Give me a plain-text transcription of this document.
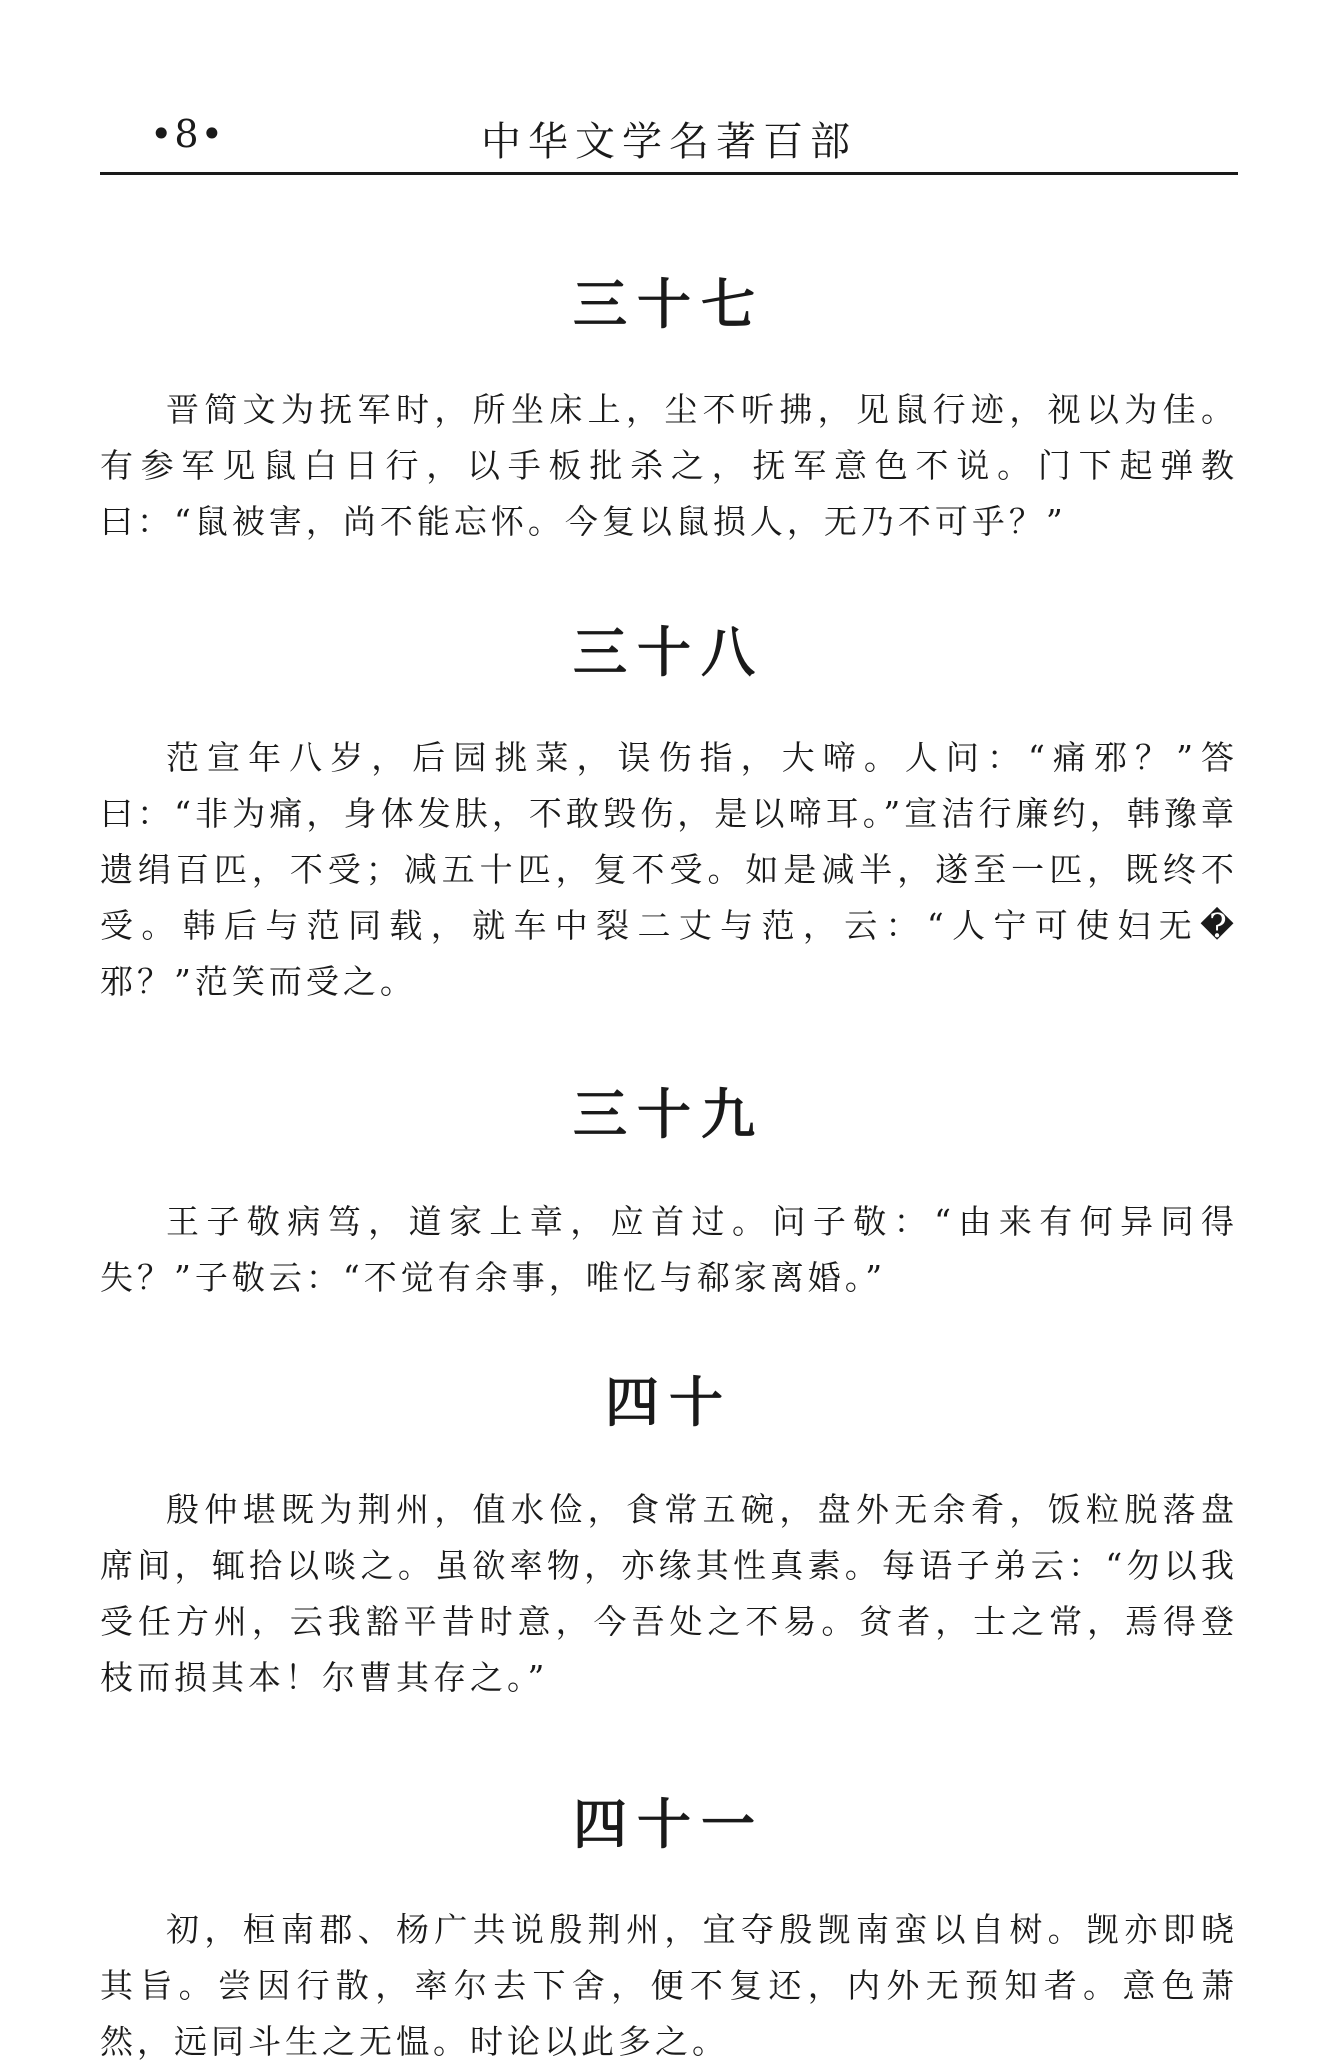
•8•	中华文学名著百部
三十七

晋简文为抚军时，所坐床上，尘不听拂，见鼠行迹，视以为佳。有参军见鼠白日行，以手板批杀之，抚军意色不说。门下起弹教曰：“鼠被害，尚不能忘怀。今复以鼠损人，无乃不可乎？”

三十八

范宣年八岁，后园挑菜，误伤指，大啼。人问：“痛邪？”答曰：“非为痛，身体发肤，不敢毁伤，是以啼耳。”宣洁行廉约，韩豫章遗绢百匹，不受；减五十匹，复不受。如是减半，遂至一匹，既终不受。韩后与范同载，就车中裂二丈与范，云：“人宁可使妇无�邪？”范笑而受之。

三十九

王子敬病笃，道家上章，应首过。问子敬：“由来有何异同得失？”子敬云：“不觉有余事，唯忆与郗家离婚。”

四十

殷仲堪既为荆州，值水俭，食常五碗，盘外无余肴，饭粒脱落盘席间，辄拾以啖之。虽欲率物，亦缘其性真素。每语子弟云：“勿以我受任方州，云我豁平昔时意，今吾处之不易。贫者，士之常，焉得登枝而损其本！尔曹其存之。”

四十一

初，桓南郡、杨广共说殷荆州，宜夺殷觊南蛮以自树。觊亦即晓其旨。尝因行散，率尔去下舍，便不复还，内外无预知者。意色萧然，远同斗生之无愠。时论以此多之。
